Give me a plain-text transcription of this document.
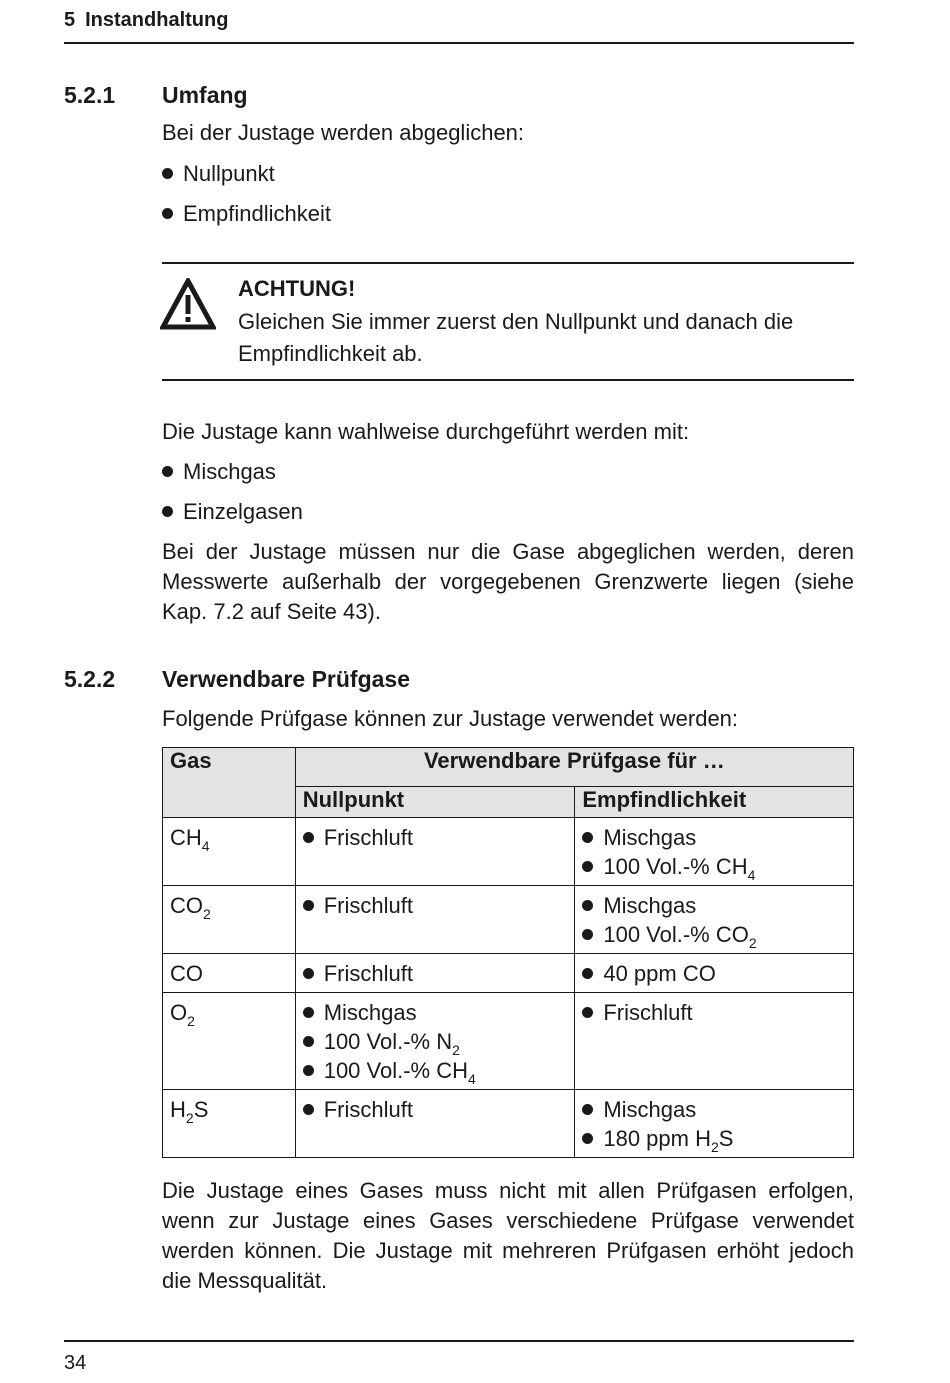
5 Instandhaltung
5.2.1 Umfang
Bei der Justage werden abgeglichen:
Nullpunkt
Empfindlichkeit
ACHTUNG!
Gleichen Sie immer zuerst den Nullpunkt und danach die Empfindlichkeit ab.
Die Justage kann wahlweise durchgeführt werden mit:
Mischgas
Einzelgasen
Bei der Justage müssen nur die Gase abgeglichen werden, deren Messwerte außerhalb der vorgegebenen Grenzwerte liegen (siehe Kap. 7.2 auf Seite 43).
5.2.2 Verwendbare Prüfgase
Folgende Prüfgase können zur Justage verwendet werden:
Gas	Verwendbare Prüfgase für …	
	Nullpunkt	Empfindlichkeit
$CH_4$	Frischluft	Mischgas
100 Vol.-% $CH_4$

$CO_2$	Frischluft	Mischgas
100 Vol.-% $CO_2$

CO	Frischluft	40 ppm CO

$O_2$	Mischgas
100 Vol.-% $N_2$
100 Vol.-% $CH_4$	Frischluft

$H_2S$	Frischluft	Mischgas
180 ppm $H_2S$
Die Justage eines Gases muss nicht mit allen Prüfgasen erfolgen, wenn zur Justage eines Gases verschiedene Prüfgase verwendet werden können. Die Justage mit mehreren Prüfgasen erhöht jedoch die Messqualität.
34
